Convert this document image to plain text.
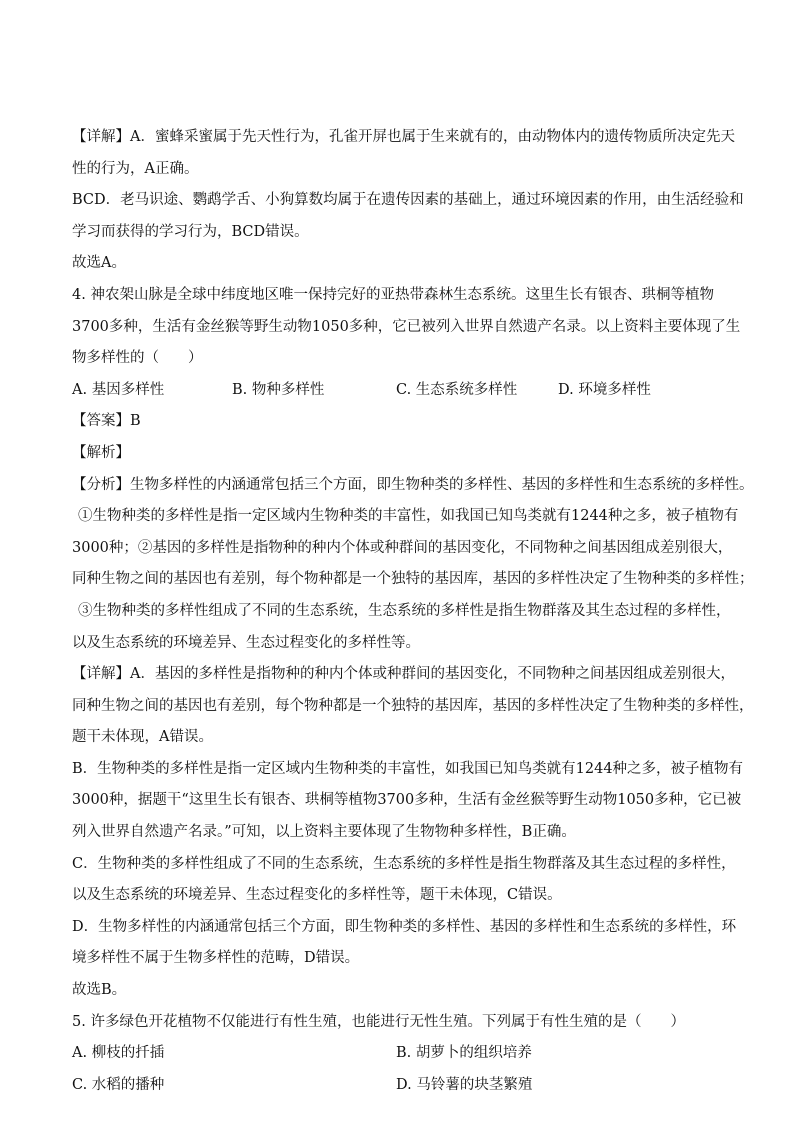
【详解】A．蜜蜂采蜜属于先天性行为，孔雀开屏也属于生来就有的，由动物体内的遗传物质所决定先天
性的行为，A正确。
BCD．老马识途、鹦鹉学舌、小狗算数均属于在遗传因素的基础上，通过环境因素的作用，由生活经验和
学习而获得的学习行为，BCD错误。
故选A。
4. 神农架山脉是全球中纬度地区唯一保持完好的亚热带森林生态系统。这里生长有银杏、珙桐等植物
3700多种，生活有金丝猴等野生动物1050多种，它已被列入世界自然遗产名录。以上资料主要体现了生
物多样性的（　　）
A. 基因多样性	B. 物种多样性	C. 生态系统多样性	D. 环境多样性
【答案】B
【解析】
【分析】生物多样性的内涵通常包括三个方面，即生物种类的多样性、基因的多样性和生态系统的多样性。
①生物种类的多样性是指一定区域内生物种类的丰富性，如我国已知鸟类就有1244种之多，被子植物有
3000种；②基因的多样性是指物种的种内个体或种群间的基因变化，不同物种之间基因组成差别很大，
同种生物之间的基因也有差别，每个物种都是一个独特的基因库，基因的多样性决定了生物种类的多样性；
③生物种类的多样性组成了不同的生态系统，生态系统的多样性是指生物群落及其生态过程的多样性，
以及生态系统的环境差异、生态过程变化的多样性等。
【详解】A．基因的多样性是指物种的种内个体或种群间的基因变化，不同物种之间基因组成差别很大，
同种生物之间的基因也有差别，每个物种都是一个独特的基因库，基因的多样性决定了生物种类的多样性，
题干未体现，A错误。
B．生物种类的多样性是指一定区域内生物种类的丰富性，如我国已知鸟类就有1244种之多，被子植物有
3000种，据题干“这里生长有银杏、珙桐等植物3700多种，生活有金丝猴等野生动物1050多种，它已被
列入世界自然遗产名录。”可知，以上资料主要体现了生物物种多样性，B正确。
C．生物种类的多样性组成了不同的生态系统，生态系统的多样性是指生物群落及其生态过程的多样性，
以及生态系统的环境差异、生态过程变化的多样性等，题干未体现，C错误。
D．生物多样性的内涵通常包括三个方面，即生物种类的多样性、基因的多样性和生态系统的多样性，环
境多样性不属于生物多样性的范畴，D错误。
故选B。
5. 许多绿色开花植物不仅能进行有性生殖，也能进行无性生殖。下列属于有性生殖的是（　　）
A. 柳枝的扦插	B. 胡萝卜的组织培养
C. 水稻的播种	D. 马铃薯的块茎繁殖
